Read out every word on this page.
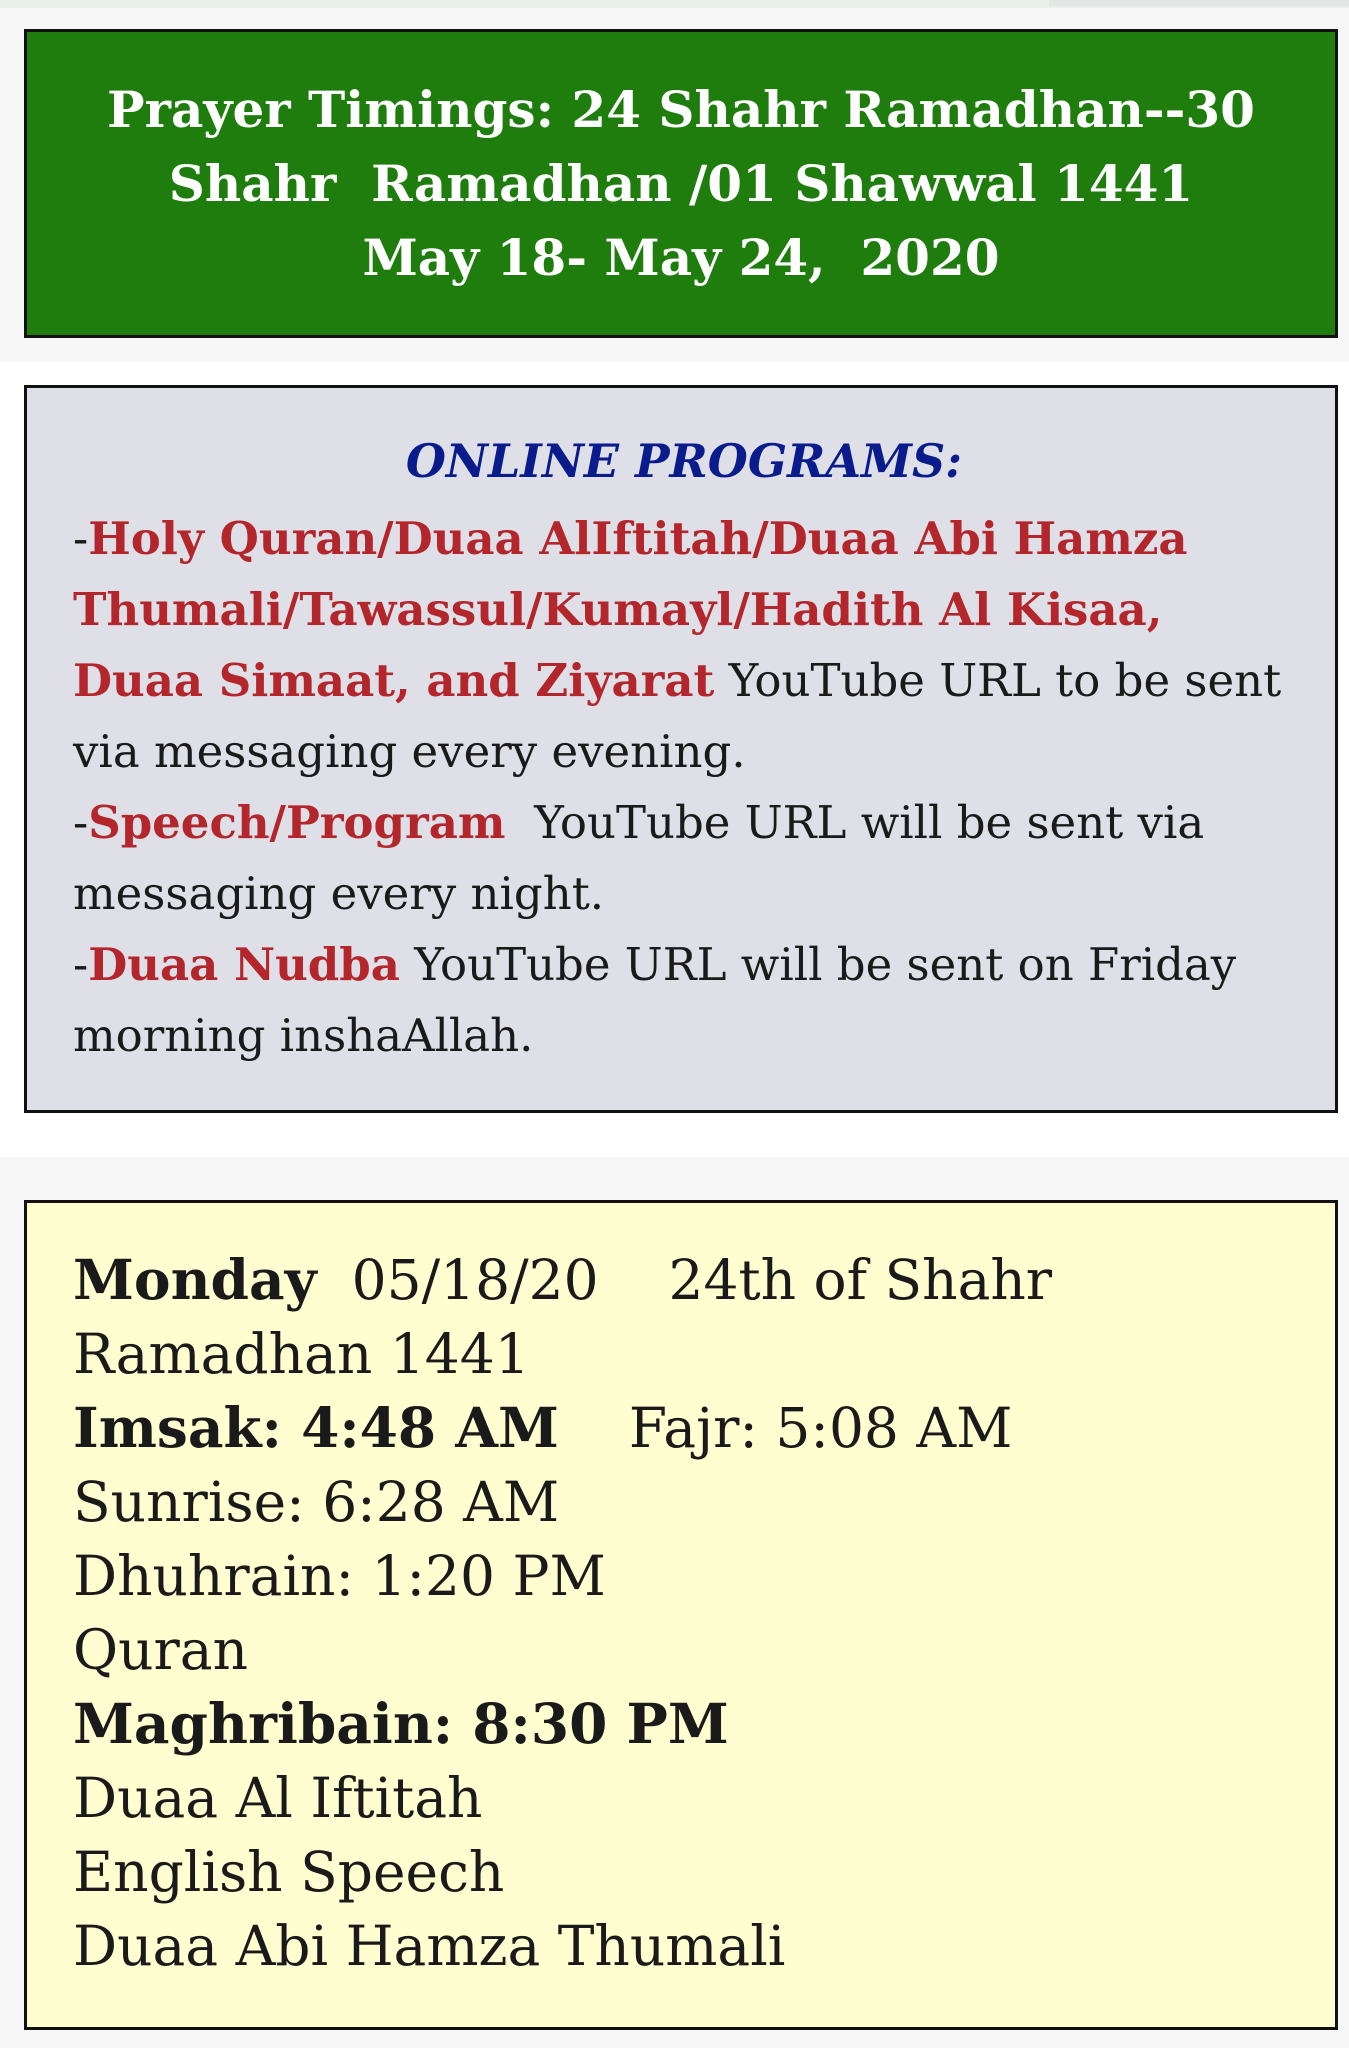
Prayer Timings: 24 Shahr Ramadhan--30
Shahr  Ramadhan /01 Shawwal 1441
May 18- May 24,  2020

ONLINE PROGRAMS:

-Holy Quran/Duaa AlIftitah/Duaa Abi Hamza Thumali/Tawassul/Kumayl/Hadith Al Kisaa, Duaa Simaat, and Ziyarat YouTube URL to be sent via messaging every evening.

-Speech/Program  YouTube URL will be sent via messaging every night.

-Duaa Nudba YouTube URL will be sent on Friday morning inshaAllah.

Monday 05/18/20 24th of Shahr Ramadhan 1441

Imsak: 4:48 AM Fajr: 5:08 AM    Sunrise: 6:28 AM

Dhuhrain: 1:20 PM

Quran

Maghribain: 8:30 PM

Duaa Al Iftitah

English Speech

Duaa Abi Hamza Thumali
